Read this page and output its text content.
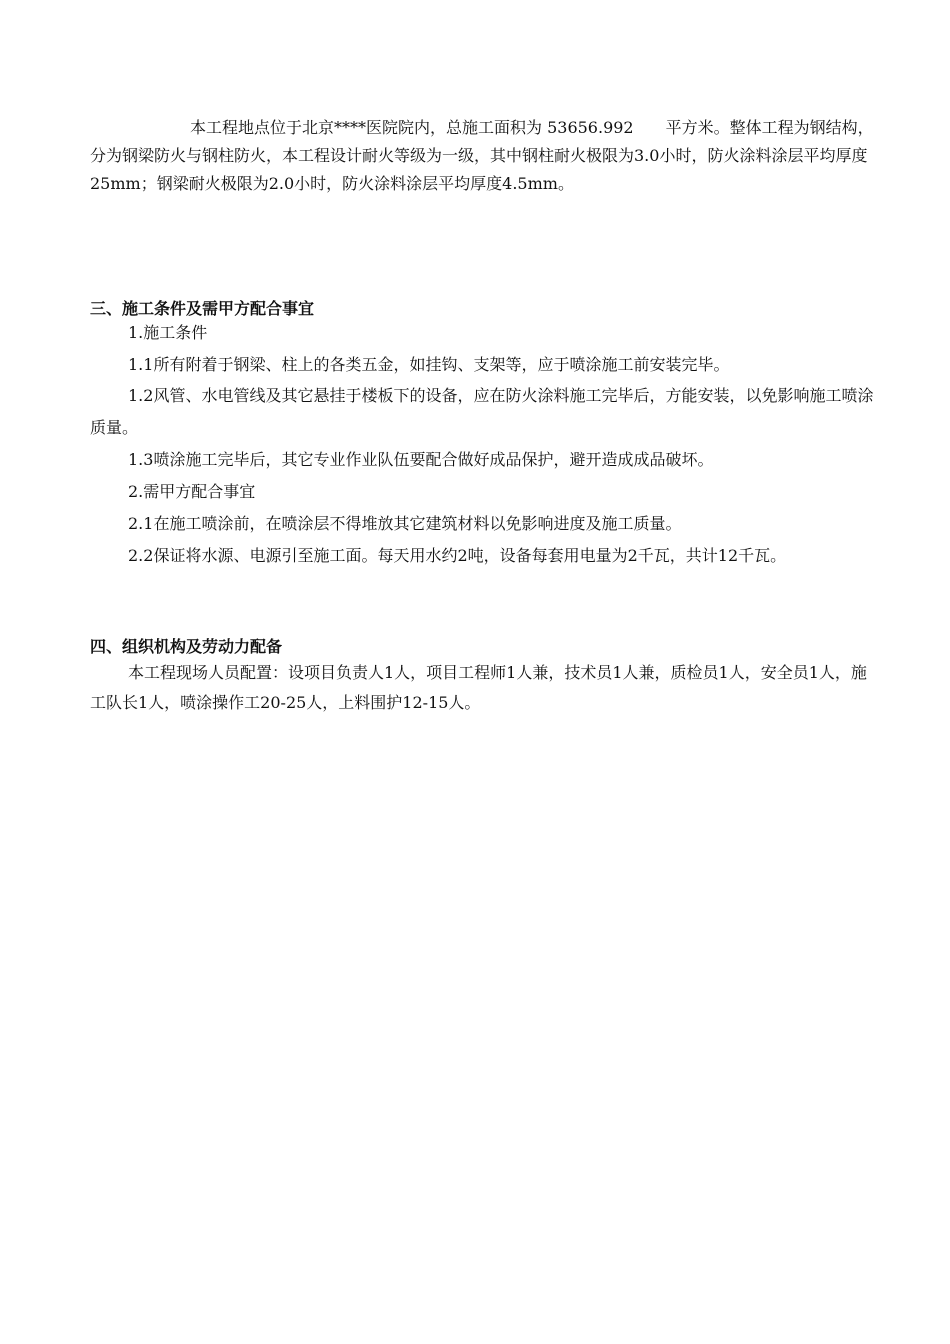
本工程地点位于北京****医院院内，总施工面积为 53656.992　　平方米。整体工程为钢结构，分为钢梁防火与钢柱防火，本工程设计耐火等级为一级，其中钢柱耐火极限为3.0小时，防火涂料涂层平均厚度25mm；钢梁耐火极限为2.0小时，防火涂料涂层平均厚度4.5mm。

三、施工条件及需甲方配合事宜

1.施工条件

1.1所有附着于钢梁、柱上的各类五金，如挂钩、支架等，应于喷涂施工前安装完毕。

1.2风管、水电管线及其它悬挂于楼板下的设备，应在防火涂料施工完毕后，方能安装，以免影响施工喷涂质量。

1.3喷涂施工完毕后，其它专业作业队伍要配合做好成品保护，避开造成成品破坏。

2.需甲方配合事宜

2.1在施工喷涂前，在喷涂层不得堆放其它建筑材料以免影响进度及施工质量。

2.2保证将水源、电源引至施工面。每天用水约2吨，设备每套用电量为2千瓦，共计12千瓦。

四、组织机构及劳动力配备

本工程现场人员配置：设项目负责人1人，项目工程师1人兼，技术员1人兼，质检员1人，安全员1人，施工队长1人，喷涂操作工20-25人，上料围护12-15人。
